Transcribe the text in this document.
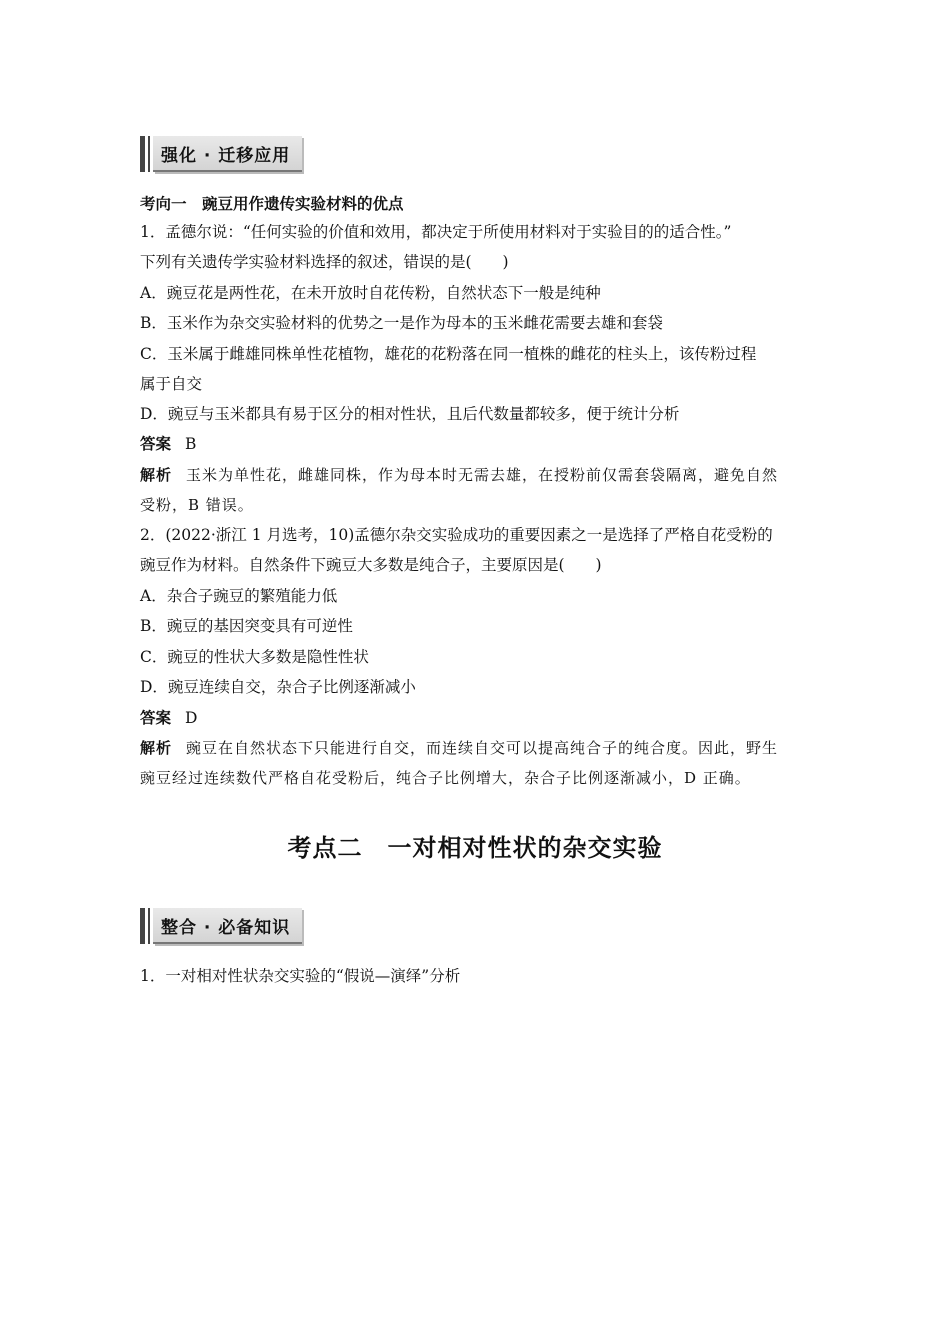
强化 · 迁移应用
考向一　豌豆用作遗传实验材料的优点
1．孟德尔说：“任何实验的价值和效用，都决定于所使用材料对于实验目的的适合性。”
下列有关遗传学实验材料选择的叙述，错误的是(　　)
A．豌豆花是两性花，在未开放时自花传粉，自然状态下一般是纯种
B．玉米作为杂交实验材料的优势之一是作为母本的玉米雌花需要去雄和套袋
C．玉米属于雌雄同株单性花植物，雄花的花粉落在同一植株的雌花的柱头上，该传粉过程
属于自交
D．豌豆与玉米都具有易于区分的相对性状，且后代数量都较多，便于统计分析
答案 B
解析 玉米为单性花，雌雄同株，作为母本时无需去雄，在授粉前仅需套袋隔离，避免自然
受粉，B 错误。
2．(2022·浙江 1 月选考，10)孟德尔杂交实验成功的重要因素之一是选择了严格自花受粉的
豌豆作为材料。自然条件下豌豆大多数是纯合子，主要原因是(　　)
A．杂合子豌豆的繁殖能力低
B．豌豆的基因突变具有可逆性
C．豌豆的性状大多数是隐性性状
D．豌豆连续自交，杂合子比例逐渐减小
答案 D
解析 豌豆在自然状态下只能进行自交，而连续自交可以提高纯合子的纯合度。因此，野生
豌豆经过连续数代严格自花受粉后，纯合子比例增大，杂合子比例逐渐减小，D 正确。
考点二　一对相对性状的杂交实验
整合 · 必备知识
1．一对相对性状杂交实验的“假说—演绎”分析
